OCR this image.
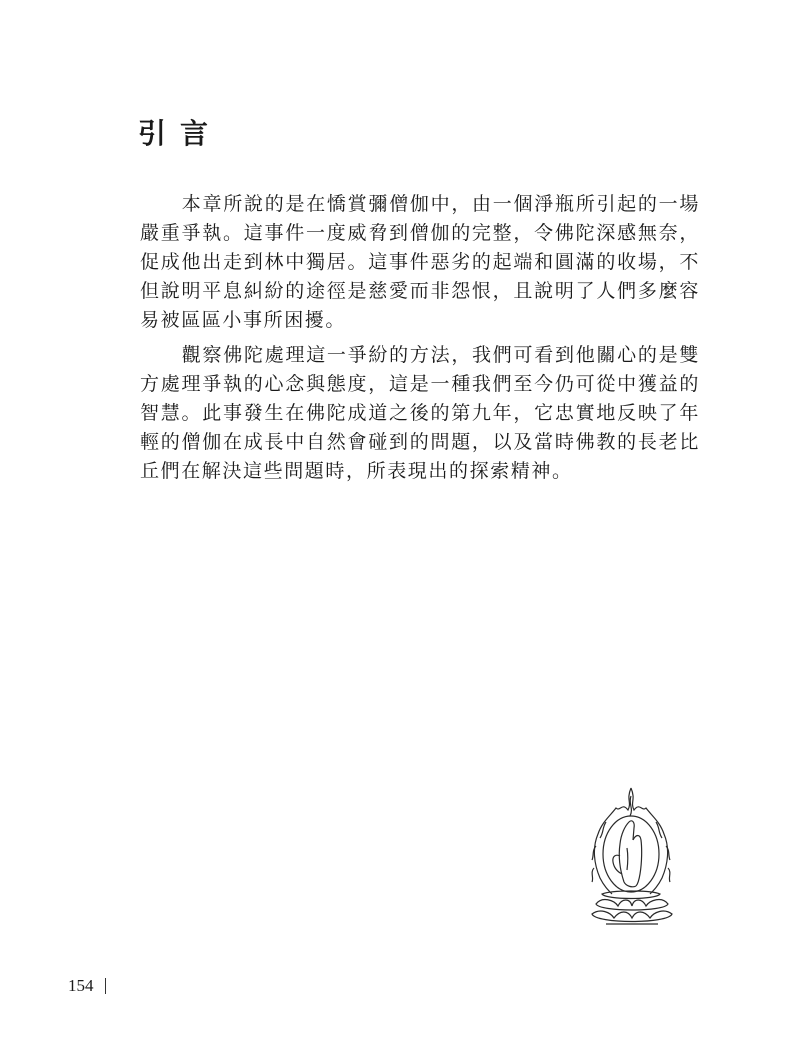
引言

本章所說的是在憍賞彌僧伽中，由一個淨瓶所引起的一場嚴重爭執。這事件一度威脅到僧伽的完整，令佛陀深感無奈，促成他出走到林中獨居。這事件惡劣的起端和圓滿的收場，不但說明平息糾紛的途徑是慈愛而非怨恨，且說明了人們多麼容易被區區小事所困擾。

觀察佛陀處理這一爭紛的方法，我們可看到他關心的是雙方處理爭執的心念與態度，這是一種我們至今仍可從中獲益的智慧。此事發生在佛陀成道之後的第九年，它忠實地反映了年輕的僧伽在成長中自然會碰到的問題，以及當時佛教的長老比丘們在解決這些問題時，所表現出的探索精神。

154
